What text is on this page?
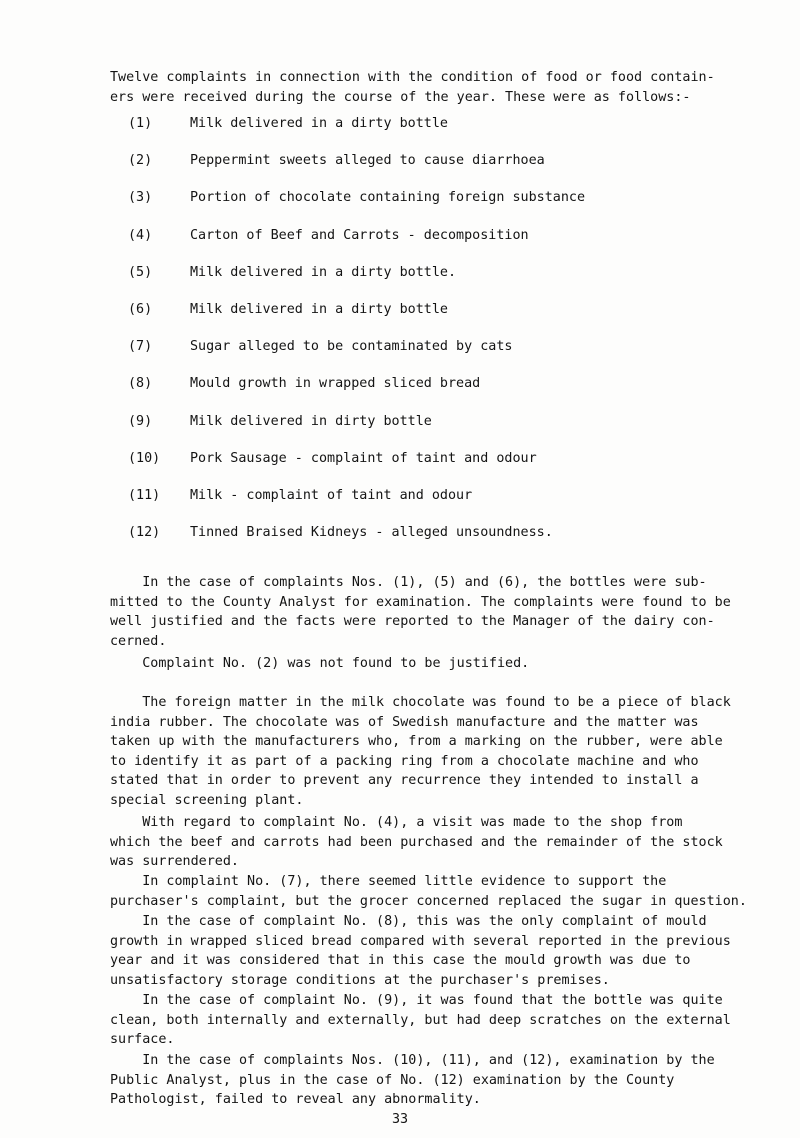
Twelve complaints in connection with the condition of food or food contain-
ers were received during the course of the year. These were as follows:-
(1)	Milk delivered in a dirty bottle
(2)	Peppermint sweets alleged to cause diarrhoea
(3)	Portion of chocolate containing foreign substance
(4)	Carton of Beef and Carrots - decomposition
(5)	Milk delivered in a dirty bottle.
(6)	Milk delivered in a dirty bottle
(7)	Sugar alleged to be contaminated by cats
(8)	Mould growth in wrapped sliced bread
(9)	Milk delivered in dirty bottle
(10)	Pork Sausage - complaint of taint and odour
(11)	Milk - complaint of taint and odour
(12)	Tinned Braised Kidneys - alleged unsoundness.
In the case of complaints Nos. (1), (5) and (6), the bottles were sub-
mitted to the County Analyst for examination. The complaints were found to be
well justified and the facts were reported to the Manager of the dairy con-
cerned.
Complaint No. (2) was not found to be justified.
The foreign matter in the milk chocolate was found to be a piece of black
india rubber. The chocolate was of Swedish manufacture and the matter was
taken up with the manufacturers who, from a marking on the rubber, were able
to identify it as part of a packing ring from a chocolate machine and who
stated that in order to prevent any recurrence they intended to install a
special screening plant.
With regard to complaint No. (4), a visit was made to the shop from
which the beef and carrots had been purchased and the remainder of the stock
was surrendered.
In complaint No. (7), there seemed little evidence to support the
purchaser's complaint, but the grocer concerned replaced the sugar in question.
In the case of complaint No. (8), this was the only complaint of mould
growth in wrapped sliced bread compared with several reported in the previous
year and it was considered that in this case the mould growth was due to
unsatisfactory storage conditions at the purchaser's premises.
In the case of complaint No. (9), it was found that the bottle was quite
clean, both internally and externally, but had deep scratches on the external
surface.
In the case of complaints Nos. (10), (11), and (12), examination by the
Public Analyst, plus in the case of No. (12) examination by the County
Pathologist, failed to reveal any abnormality.
33
